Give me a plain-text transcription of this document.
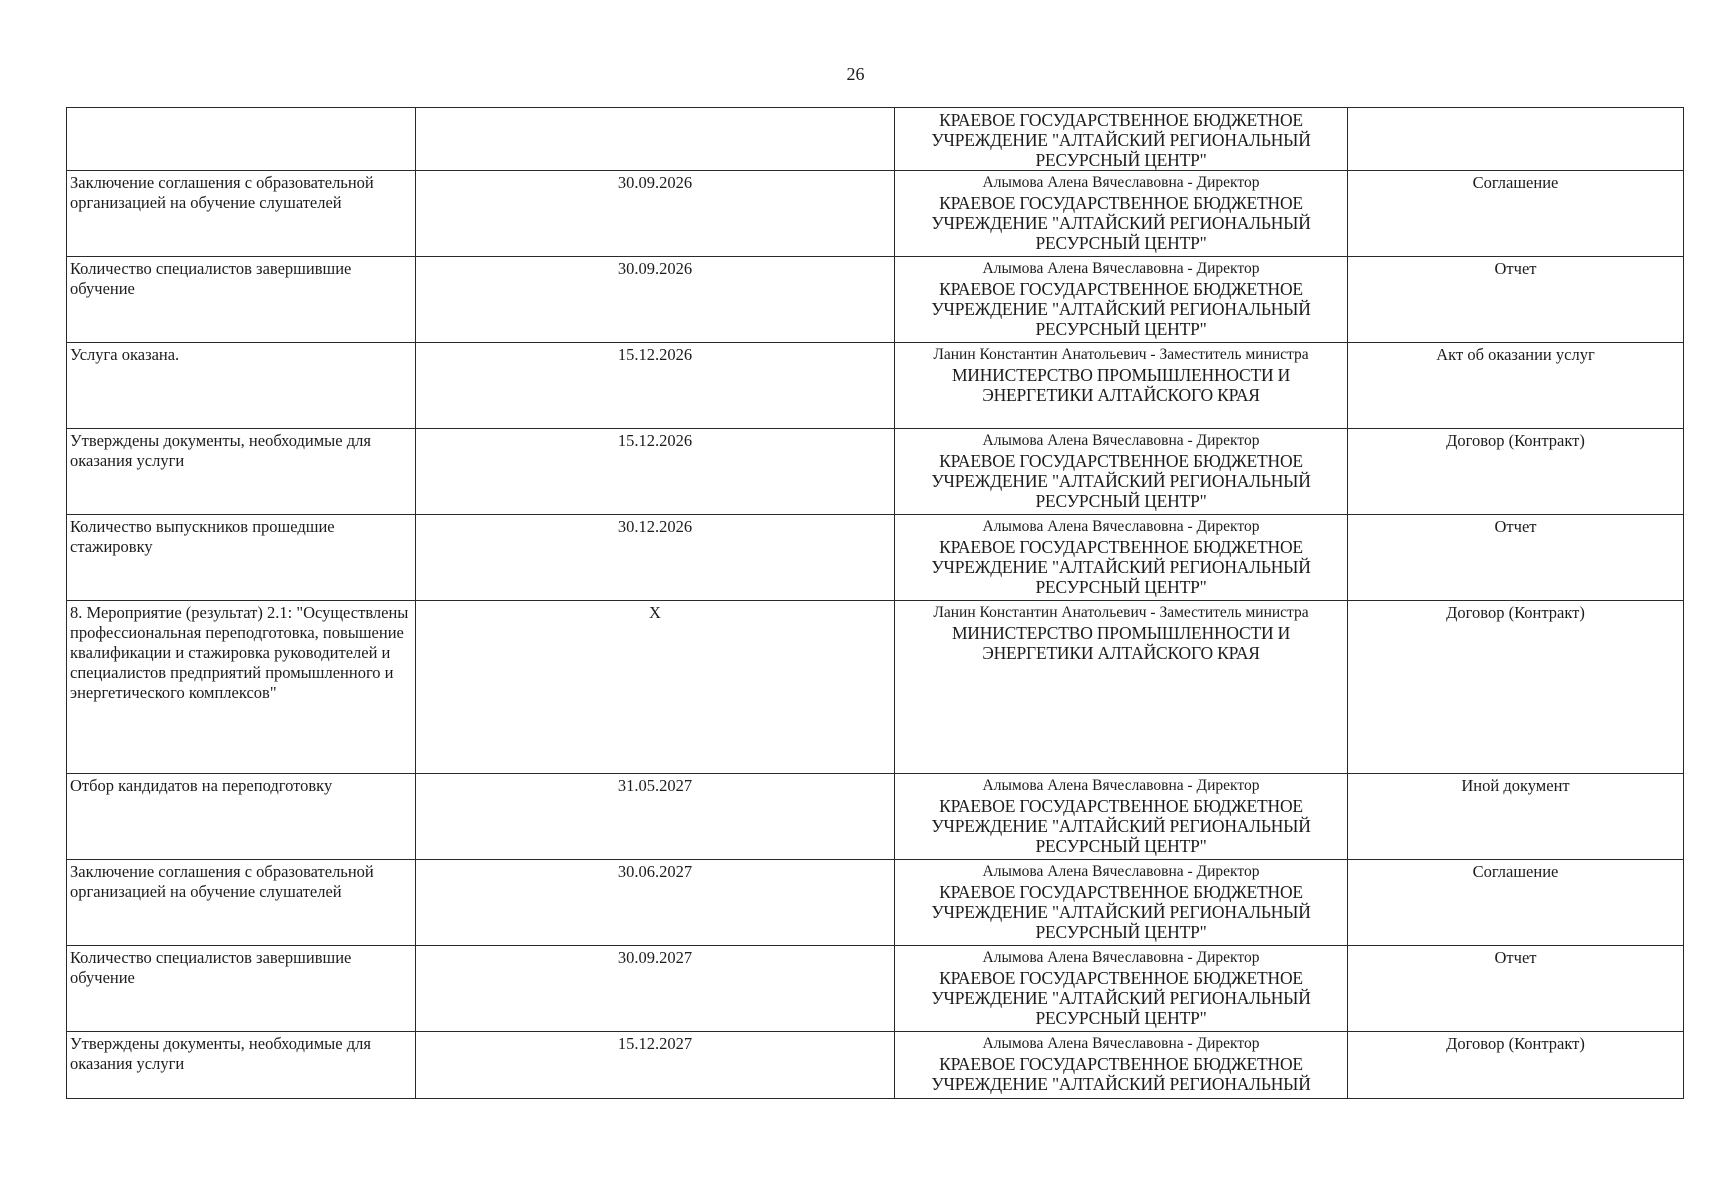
26

		КРАЕВОЕ ГОСУДАРСТВЕННОЕ БЮДЖЕТНОЕ УЧРЕЖДЕНИЕ "АЛТАЙСКИЙ РЕГИОНАЛЬНЫЙ РЕСУРСНЫЙ ЦЕНТР"	

Заключение соглашения с образовательной организацией на обучение слушателей	30.09.2026	Алымова Алена Вячеславовна - Директор
КРАЕВОЕ ГОСУДАРСТВЕННОЕ БЮДЖЕТНОЕ УЧРЕЖДЕНИЕ "АЛТАЙСКИЙ РЕГИОНАЛЬНЫЙ РЕСУРСНЫЙ ЦЕНТР"	Соглашение
Количество специалистов завершившие обучение	30.09.2026	Алымова Алена Вячеславовна - Директор
КРАЕВОЕ ГОСУДАРСТВЕННОЕ БЮДЖЕТНОЕ УЧРЕЖДЕНИЕ "АЛТАЙСКИЙ РЕГИОНАЛЬНЫЙ РЕСУРСНЫЙ ЦЕНТР"	Отчет
Услуга оказана.	15.12.2026	Ланин Константин Анатольевич - Заместитель министра
МИНИСТЕРСТВО ПРОМЫШЛЕННОСТИ И ЭНЕРГЕТИКИ АЛТАЙСКОГО КРАЯ	Акт об оказании услуг
Утверждены документы, необходимые для оказания услуги	15.12.2026	Алымова Алена Вячеславовна - Директор
КРАЕВОЕ ГОСУДАРСТВЕННОЕ БЮДЖЕТНОЕ УЧРЕЖДЕНИЕ "АЛТАЙСКИЙ РЕГИОНАЛЬНЫЙ РЕСУРСНЫЙ ЦЕНТР"	Договор (Контракт)
Количество выпускников прошедшие стажировку	30.12.2026	Алымова Алена Вячеславовна - Директор
КРАЕВОЕ ГОСУДАРСТВЕННОЕ БЮДЖЕТНОЕ УЧРЕЖДЕНИЕ "АЛТАЙСКИЙ РЕГИОНАЛЬНЫЙ РЕСУРСНЫЙ ЦЕНТР"	Отчет
8. Мероприятие (результат) 2.1: "Осуществлены профессиональная переподготовка, повышение квалификации и стажировка руководителей и специалистов предприятий промышленного и энергетического комплексов"	X	Ланин Константин Анатольевич - Заместитель министра
МИНИСТЕРСТВО ПРОМЫШЛЕННОСТИ И ЭНЕРГЕТИКИ АЛТАЙСКОГО КРАЯ	Договор (Контракт)
Отбор кандидатов на переподготовку	31.05.2027	Алымова Алена Вячеславовна - Директор
КРАЕВОЕ ГОСУДАРСТВЕННОЕ БЮДЖЕТНОЕ УЧРЕЖДЕНИЕ "АЛТАЙСКИЙ РЕГИОНАЛЬНЫЙ РЕСУРСНЫЙ ЦЕНТР"	Иной документ
Заключение соглашения с образовательной организацией на обучение слушателей	30.06.2027	Алымова Алена Вячеславовна - Директор
КРАЕВОЕ ГОСУДАРСТВЕННОЕ БЮДЖЕТНОЕ УЧРЕЖДЕНИЕ "АЛТАЙСКИЙ РЕГИОНАЛЬНЫЙ РЕСУРСНЫЙ ЦЕНТР"	Соглашение
Количество специалистов завершившие обучение	30.09.2027	Алымова Алена Вячеславовна - Директор
КРАЕВОЕ ГОСУДАРСТВЕННОЕ БЮДЖЕТНОЕ УЧРЕЖДЕНИЕ "АЛТАЙСКИЙ РЕГИОНАЛЬНЫЙ РЕСУРСНЫЙ ЦЕНТР"	Отчет
Утверждены документы, необходимые для оказания услуги	15.12.2027	Алымова Алена Вячеславовна - Директор
КРАЕВОЕ ГОСУДАРСТВЕННОЕ БЮДЖЕТНОЕ УЧРЕЖДЕНИЕ "АЛТАЙСКИЙ РЕГИОНАЛЬНЫЙ	Договор (Контракт)
